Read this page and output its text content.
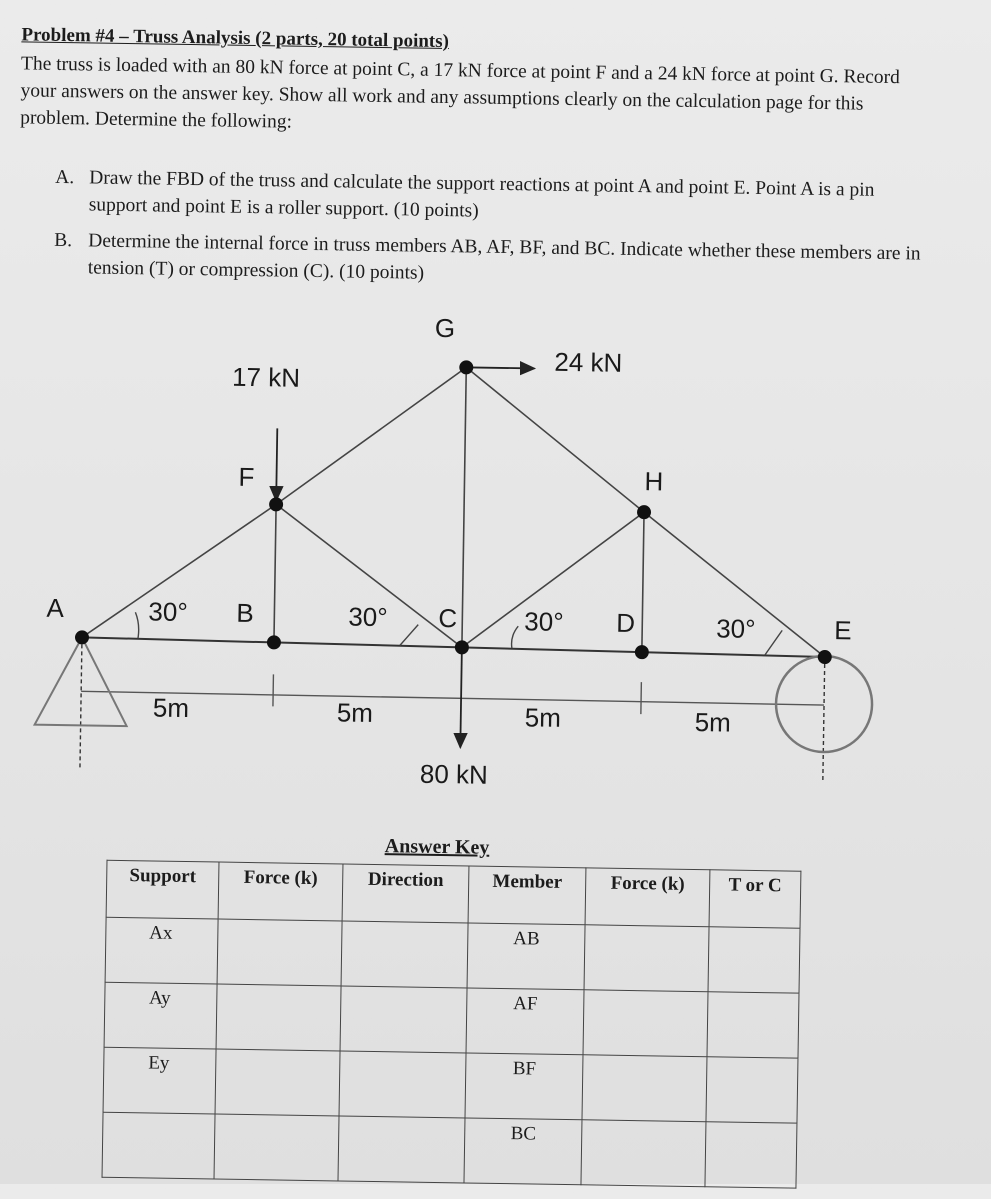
Problem #4 – Truss Analysis (2 parts, 20 total points)
The truss is loaded with an 80 kN force at point C, a 17 kN force at point F and a 24 kN force at point G. Record your answers on the answer key. Show all work and any assumptions clearly on the calculation page for this problem. Determine the following:
A. Draw the FBD of the truss and calculate the support reactions at point A and point E. Point A is a pin support and point E is a roller support. (10 points)
B. Determine the internal force in truss members AB, AF, BF, and BC. Indicate whether these members are in tension (T) or compression (C). (10 points)
A	B	C	D	E
F
G
H
17 kN	24 kN
80 kN
30°	30°	30°	30°
5m	5m	5m	5m
Answer Key
Support	Force (k)	Direction	Member	Force (k)	T or C
Ax			AB		
Ay			AF		
Ey			BF		
			BC		
